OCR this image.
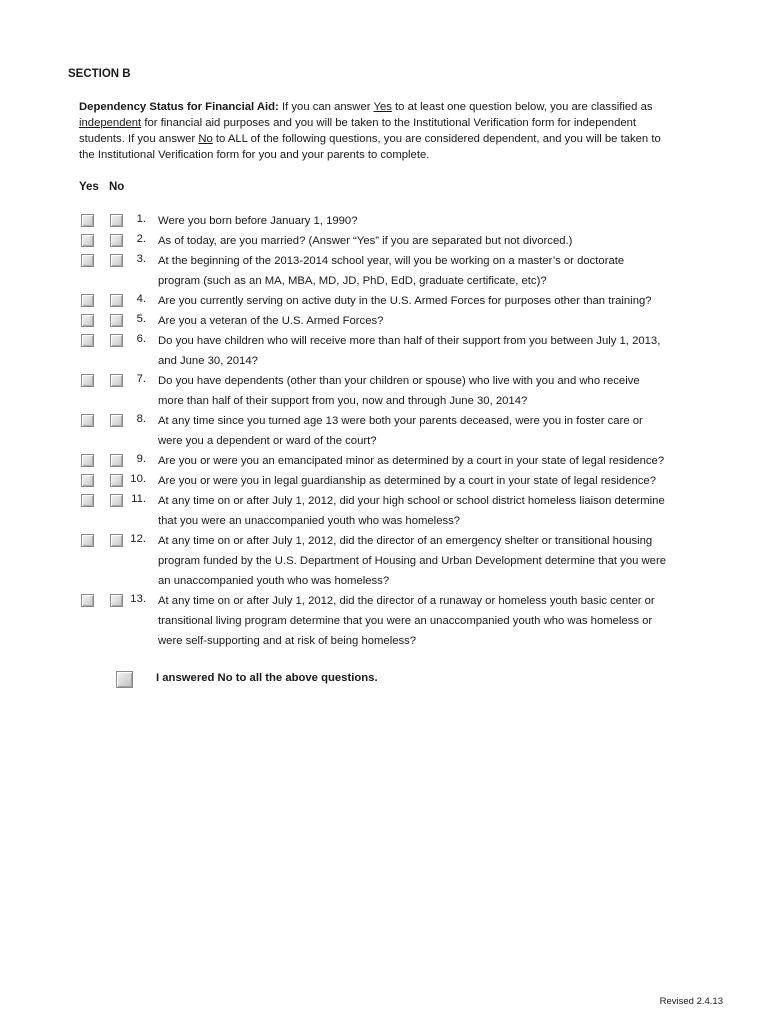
SECTION B
Dependency Status for Financial Aid: If you can answer Yes to at least one question below, you are classified as independent for financial aid purposes and you will be taken to the Institutional Verification form for independent students. If you answer No to ALL of the following questions, you are considered dependent, and you will be taken to the Institutional Verification form for you and your parents to complete.
Yes No
1. Were you born before January 1, 1990?
2. As of today, are you married? (Answer “Yes” if you are separated but not divorced.)
3. At the beginning of the 2013-2014 school year, will you be working on a master’s or doctorate
program (such as an MA, MBA, MD, JD, PhD, EdD, graduate certificate, etc)?
4. Are you currently serving on active duty in the U.S. Armed Forces for purposes other than training?
5. Are you a veteran of the U.S. Armed Forces?
6. Do you have children who will receive more than half of their support from you between July 1, 2013,
and June 30, 2014?
7. Do you have dependents (other than your children or spouse) who live with you and who receive
more than half of their support from you, now and through June 30, 2014?
8. At any time since you turned age 13 were both your parents deceased, were you in foster care or
were you a dependent or ward of the court?
9. Are you or were you an emancipated minor as determined by a court in your state of legal residence?
10. Are you or were you in legal guardianship as determined by a court in your state of legal residence?
11. At any time on or after July 1, 2012, did your high school or school district homeless liaison determine
that you were an unaccompanied youth who was homeless?
12. At any time on or after July 1, 2012, did the director of an emergency shelter or transitional housing
program funded by the U.S. Department of Housing and Urban Development determine that you were
an unaccompanied youth who was homeless?
13. At any time on or after July 1, 2012, did the director of a runaway or homeless youth basic center or
transitional living program determine that you were an unaccompanied youth who was homeless or
were self-supporting and at risk of being homeless?
I answered No to all the above questions.
Revised 2.4.13
